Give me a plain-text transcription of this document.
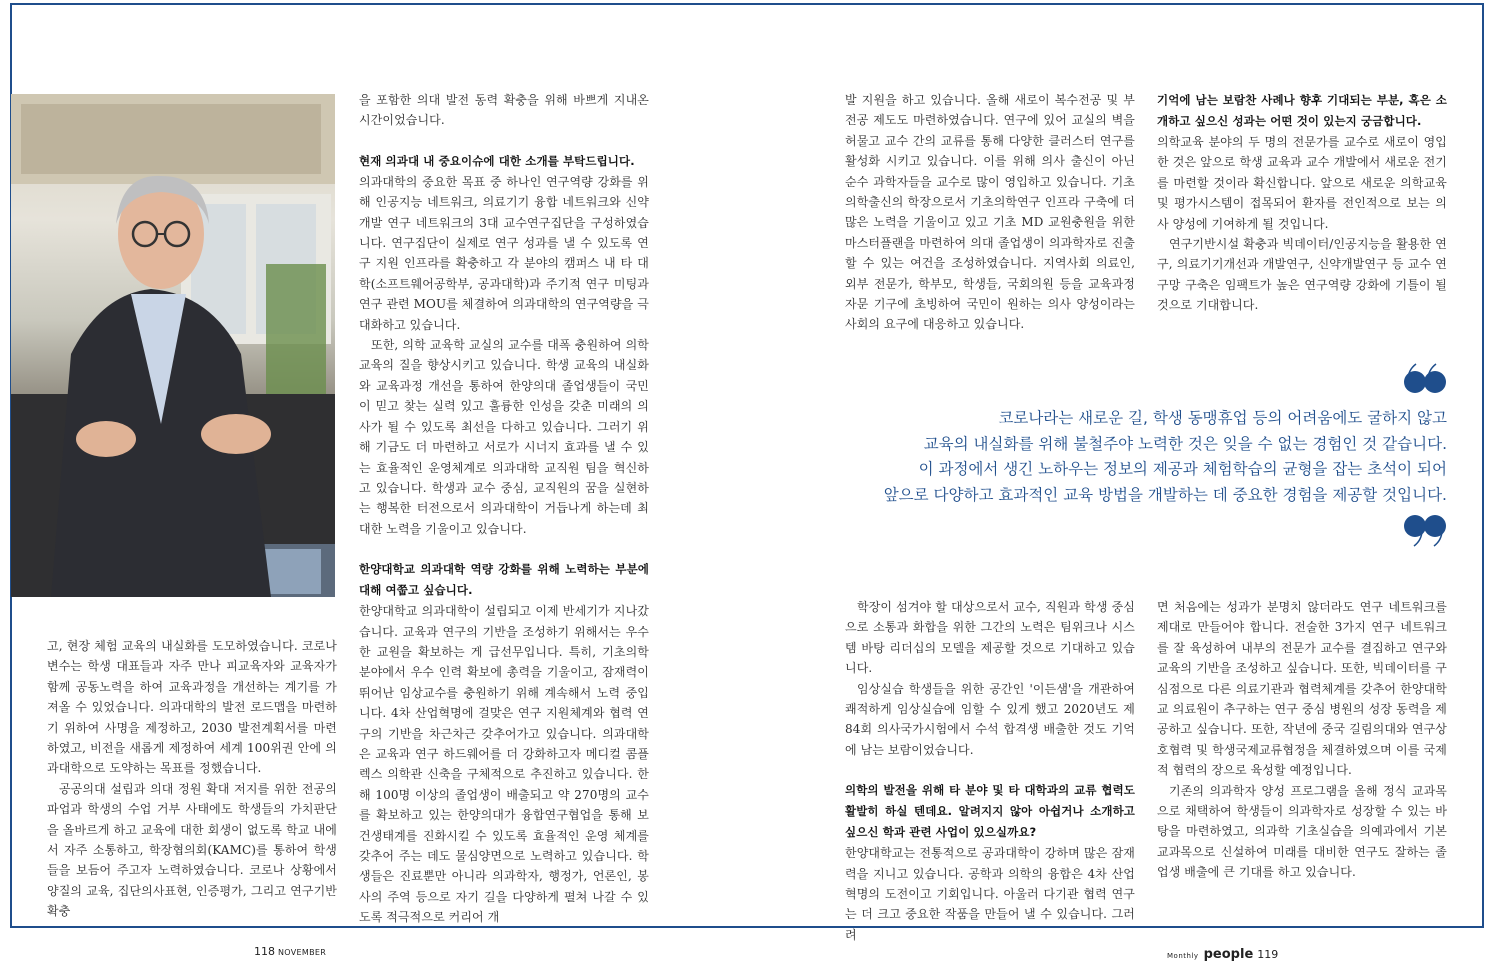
고, 현장 체험 교육의 내실화를 도모하였습니다. 코로나 변수는 학생 대표들과 자주 만나 피교육자와 교육자가 함께 공동노력을 하여 교육과정을 개선하는 계기를 가져올 수 있었습니다. 의과대학의 발전 로드맵을 마련하기 위하여 사명을 제정하고, 2030 발전계획서를 마련하였고, 비전을 새롭게 제정하여 세계 100위권 안에 의과대학으로 도약하는 목표를 정했습니다.

공공의대 설립과 의대 정원 확대 저지를 위한 전공의 파업과 학생의 수업 거부 사태에도 학생들의 가치판단을 올바르게 하고 교육에 대한 회생이 없도록 학교 내에서 자주 소통하고, 학장협의회(KAMC)를 통하여 학생들을 보듬어 주고자 노력하였습니다. 코로나 상황에서 양질의 교육, 집단의사표현, 인증평가, 그리고 연구기반확충

을 포함한 의대 발전 동력 확충을 위해 바쁘게 지내온 시간이었습니다.

현재 의과대 내 중요이슈에 대한 소개를 부탁드립니다.

의과대학의 중요한 목표 중 하나인 연구역량 강화를 위해 인공지능 네트워크, 의료기기 융합 네트워크와 신약 개발 연구 네트워크의 3대 교수연구집단을 구성하였습니다. 연구집단이 실제로 연구 성과를 낼 수 있도록 연구 지원 인프라를 확충하고 각 분야의 캠퍼스 내 타 대학(소프트웨어공학부, 공과대학)과 주기적 연구 미팅과 연구 관련 MOU를 체결하여 의과대학의 연구역량을 극대화하고 있습니다.

또한, 의학 교육학 교실의 교수를 대폭 충원하여 의학 교육의 질을 향상시키고 있습니다. 학생 교육의 내실화와 교육과정 개선을 통하여 한양의대 졸업생들이 국민이 믿고 찾는 실력 있고 훌륭한 인성을 갖춘 미래의 의사가 될 수 있도록 최선을 다하고 있습니다. 그러기 위해 기금도 더 마련하고 서로가 시너지 효과를 낼 수 있는 효율적인 운영체계로 의과대학 교직원 팀을 혁신하고 있습니다. 학생과 교수 중심, 교직원의 꿈을 실현하는 행복한 터전으로서 의과대학이 거듭나게 하는데 최대한 노력을 기울이고 있습니다.

한양대학교 의과대학 역량 강화를 위해 노력하는 부분에 대해 여쭙고 싶습니다.

한양대학교 의과대학이 설립되고 이제 반세기가 지나갔습니다. 교육과 연구의 기반을 조성하기 위해서는 우수한 교원을 확보하는 게 급선무입니다. 특히, 기초의학 분야에서 우수 인력 확보에 총력을 기울이고, 잠재력이 뛰어난 임상교수를 충원하기 위해 계속해서 노력 중입니다. 4차 산업혁명에 걸맞은 연구 지원체계와 협력 연구의 기반을 차근차근 갖추어가고 있습니다. 의과대학은 교육과 연구 하드웨어를 더 강화하고자 메디컬 콤플렉스 의학관 신축을 구체적으로 추진하고 있습니다. 한 해 100명 이상의 졸업생이 배출되고 약 270명의 교수를 확보하고 있는 한양의대가 융합연구협업을 통해 보건생태계를 진화시킬 수 있도록 효율적인 운영 체계를 갖추어 주는 데도 물심양면으로 노력하고 있습니다. 학생들은 진료뿐만 아니라 의과학자, 행정가, 언론인, 봉사의 주역 등으로 자기 길을 다양하게 펼쳐 나갈 수 있도록 적극적으로 커리어 개

발 지원을 하고 있습니다. 올해 새로이 복수전공 및 부전공 제도도 마련하였습니다. 연구에 있어 교실의 벽을 허물고 교수 간의 교류를 통해 다양한 클러스터 연구를 활성화 시키고 있습니다. 이를 위해 의사 출신이 아닌 순수 과학자들을 교수로 많이 영입하고 있습니다. 기초의학출신의 학장으로서 기초의학연구 인프라 구축에 더 많은 노력을 기울이고 있고 기초 MD 교원충원을 위한 마스터플랜을 마련하여 의대 졸업생이 의과학자로 진출할 수 있는 여건을 조성하였습니다. 지역사회 의료인, 외부 전문가, 학부모, 학생들, 국회의원 등을 교육과정 자문 기구에 초빙하여 국민이 원하는 의사 양성이라는 사회의 요구에 대응하고 있습니다.

기억에 남는 보람찬 사례나 향후 기대되는 부분, 혹은 소개하고 싶으신 성과는 어떤 것이 있는지 궁금합니다.

의학교육 분야의 두 명의 전문가를 교수로 새로이 영입한 것은 앞으로 학생 교육과 교수 개발에서 새로운 전기를 마련할 것이라 확신합니다. 앞으로 새로운 의학교육 및 평가시스템이 접목되어 환자를 전인적으로 보는 의사 양성에 기여하게 될 것입니다.

연구기반시설 확충과 빅데이터/인공지능을 활용한 연구, 의료기기개선과 개발연구, 신약개발연구 등 교수 연구망 구축은 임팩트가 높은 연구역량 강화에 기틀이 될 것으로 기대합니다.

코로나라는 새로운 길, 학생 동맹휴업 등의 어려움에도 굴하지 않고
교육의 내실화를 위해 불철주야 노력한 것은 잊을 수 없는 경험인 것 같습니다.
이 과정에서 생긴 노하우는 정보의 제공과 체험학습의 균형을 잡는 초석이 되어
앞으로 다양하고 효과적인 교육 방법을 개발하는 데 중요한 경험을 제공할 것입니다.

학장이 섬겨야 할 대상으로서 교수, 직원과 학생 중심으로 소통과 화합을 위한 그간의 노력은 팀위크나 시스템 바탕 리더십의 모델을 제공할 것으로 기대하고 있습니다.

임상실습 학생들을 위한 공간인 '이든샘'을 개관하여 쾌적하게 임상실습에 임할 수 있게 했고 2020년도 제84회 의사국가시험에서 수석 합격생 배출한 것도 기억에 남는 보람이었습니다.

의학의 발전을 위해 타 분야 및 타 대학과의 교류 협력도 활발히 하실 텐데요. 알려지지 않아 아쉽거나 소개하고 싶으신 학과 관련 사업이 있으실까요?

한양대학교는 전통적으로 공과대학이 강하며 많은 잠재력을 지니고 있습니다. 공학과 의학의 융합은 4차 산업혁명의 도전이고 기회입니다. 아울러 다기관 협력 연구는 더 크고 중요한 작품을 만들어 낼 수 있습니다. 그러려

면 처음에는 성과가 분명치 않더라도 연구 네트워크를 제대로 만들어야 합니다. 전술한 3가지 연구 네트워크를 잘 육성하여 내부의 전문가 교수를 결집하고 연구와 교육의 기반을 조성하고 싶습니다. 또한, 빅데이터를 구심점으로 다른 의료기관과 협력체계를 갖추어 한양대학교 의료원이 추구하는 연구 중심 병원의 성장 동력을 제공하고 싶습니다. 또한, 작년에 중국 길림의대와 연구상호협력 및 학생국제교류협정을 체결하였으며 이를 국제적 협력의 장으로 육성할 예정입니다.

기존의 의과학자 양성 프로그램을 올해 정식 교과목으로 채택하여 학생들이 의과학자로 성장할 수 있는 바탕을 마련하였고, 의과학 기초실습을 의예과에서 기본 교과목으로 신설하여 미래를 대비한 연구도 잘하는 졸업생 배출에 큰 기대를 하고 있습니다.

118 NOVEMBER	Monthly people 119
